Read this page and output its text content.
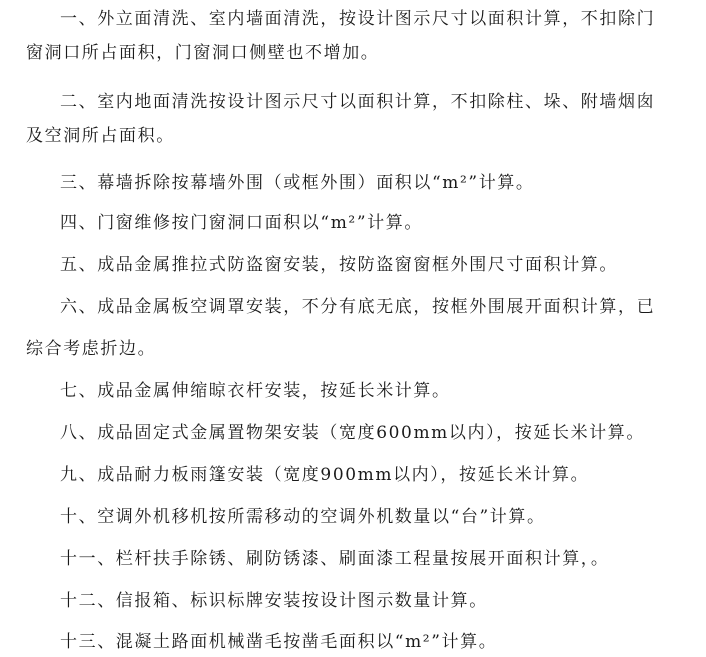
一、外立面清洗、室内墙面清洗，按设计图示尺寸以面积计算，不扣除门
窗洞口所占面积，门窗洞口侧壁也不增加。
二、室内地面清洗按设计图示尺寸以面积计算，不扣除柱、垛、附墙烟囱
及空洞所占面积。
三、幕墙拆除按幕墙外围（或框外围）面积以“m²”计算。
四、门窗维修按门窗洞口面积以“m²”计算。
五、成品金属推拉式防盗窗安装，按防盗窗窗框外围尺寸面积计算。
六、成品金属板空调罩安装，不分有底无底，按框外围展开面积计算，已
综合考虑折边。
七、成品金属伸缩晾衣杆安装，按延长米计算。
八、成品固定式金属置物架安装（宽度600mm以内），按延长米计算。
九、成品耐力板雨篷安装（宽度900mm以内），按延长米计算。
十、空调外机移机按所需移动的空调外机数量以“台”计算。
十一、栏杆扶手除锈、刷防锈漆、刷面漆工程量按展开面积计算，。
十二、信报箱、标识标牌安装按设计图示数量计算。
十三、混凝土路面机械凿毛按凿毛面积以“m²”计算。
